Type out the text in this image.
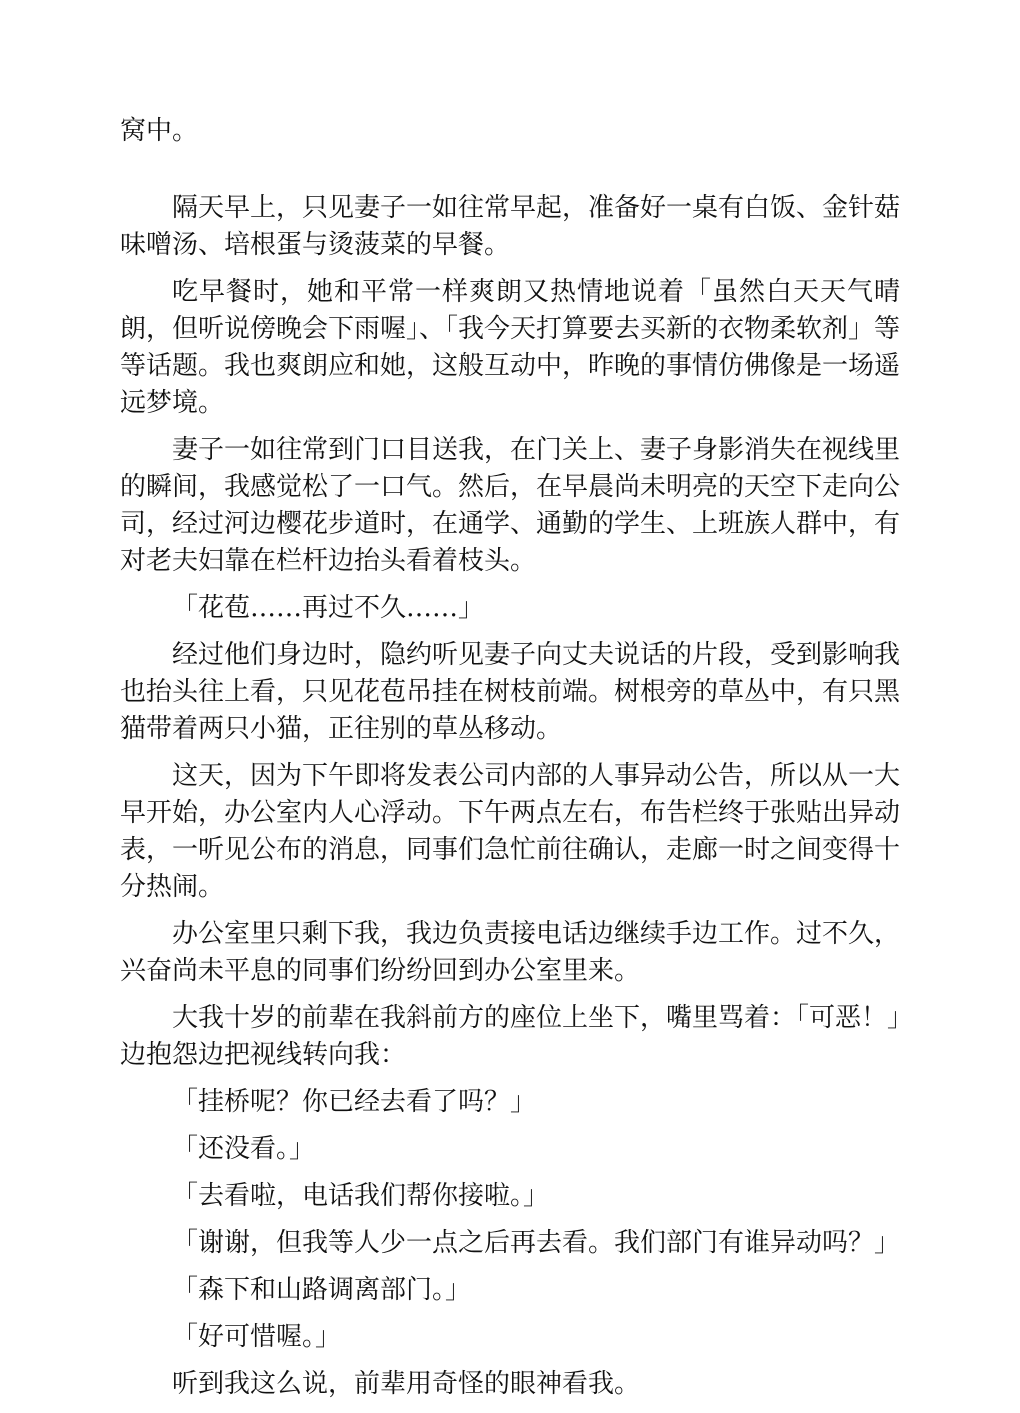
窝中。

隔天早上，只见妻子一如往常早起，准备好一桌有白饭、金针菇味噌汤、培根蛋与烫菠菜的早餐。

吃早餐时，她和平常一样爽朗又热情地说着「虽然白天天气晴朗，但听说傍晚会下雨喔」、「我今天打算要去买新的衣物柔软剂」等等话题。我也爽朗应和她，这般互动中，昨晚的事情仿佛像是一场遥远梦境。

妻子一如往常到门口目送我，在门关上、妻子身影消失在视线里的瞬间，我感觉松了一口气。然后，在早晨尚未明亮的天空下走向公司，经过河边樱花步道时，在通学、通勤的学生、上班族人群中，有对老夫妇靠在栏杆边抬头看着枝头。

「花苞……再过不久……」

经过他们身边时，隐约听见妻子向丈夫说话的片段，受到影响我也抬头往上看，只见花苞吊挂在树枝前端。树根旁的草丛中，有只黑猫带着两只小猫，正往别的草丛移动。

这天，因为下午即将发表公司内部的人事异动公告，所以从一大早开始，办公室内人心浮动。下午两点左右，布告栏终于张贴出异动表，一听见公布的消息，同事们急忙前往确认，走廊一时之间变得十分热闹。

办公室里只剩下我，我边负责接电话边继续手边工作。过不久，兴奋尚未平息的同事们纷纷回到办公室里来。

大我十岁的前辈在我斜前方的座位上坐下，嘴里骂着：「可恶！」边抱怨边把视线转向我：

「挂桥呢？你已经去看了吗？」

「还没看。」

「去看啦，电话我们帮你接啦。」

「谢谢，但我等人少一点之后再去看。我们部门有谁异动吗？」

「森下和山路调离部门。」

「好可惜喔。」

听到我这么说，前辈用奇怪的眼神看我。
